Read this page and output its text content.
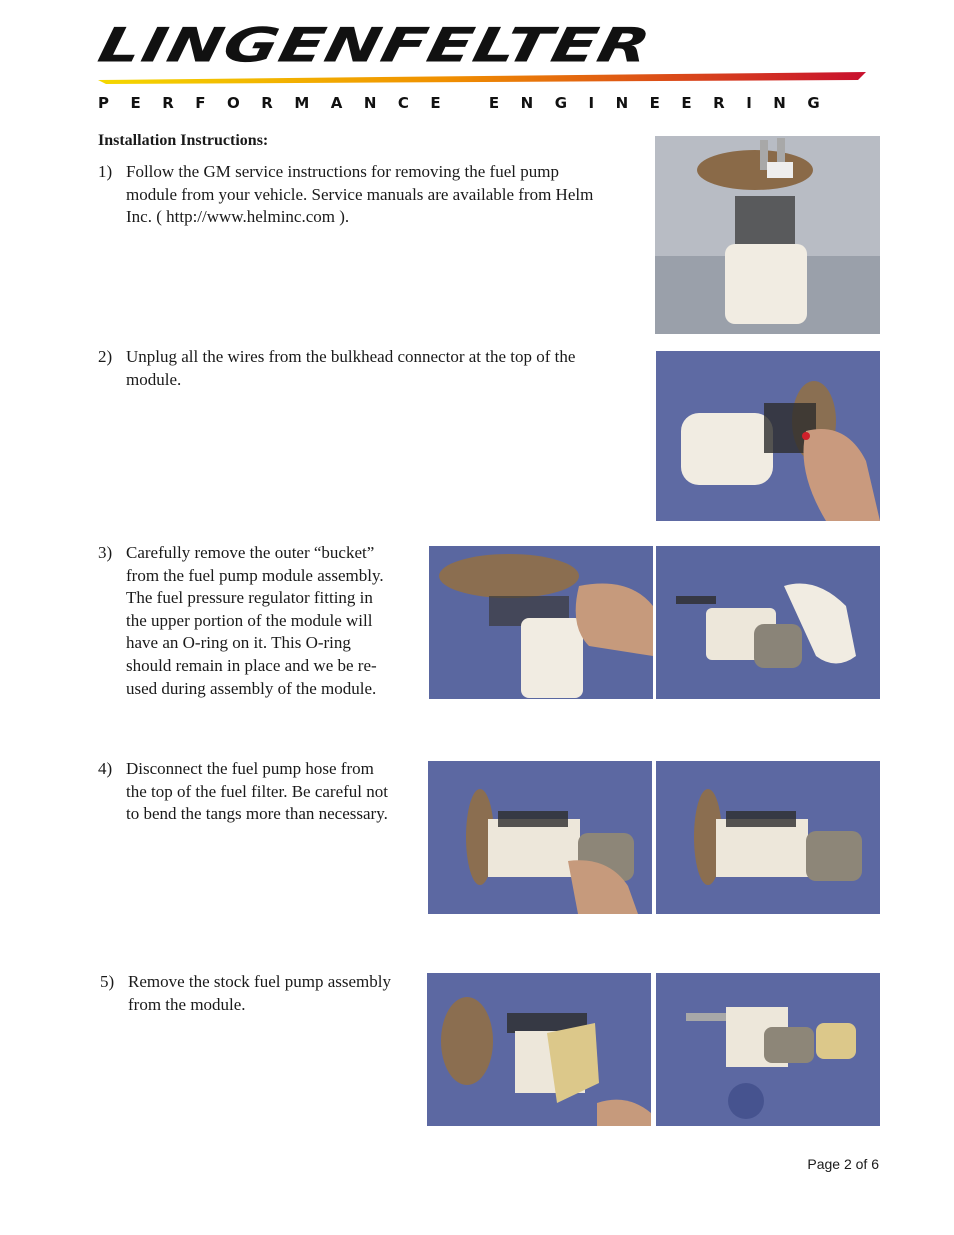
LINGENFELTER
PERFORMANCE ENGINEERING
Installation Instructions:
1) Follow the GM service instructions for removing the fuel pump
module from your vehicle. Service manuals are available from Helm
Inc. ( http://www.helminc.com ).
2) Unplug all the wires from the bulkhead connector at the top of the
module.
3) Carefully remove the outer “bucket”
from the fuel pump module assembly.
The fuel pressure regulator fitting in
the upper portion of the module will
have an O-ring on it. This O-ring
should remain in place and we be re-
used during assembly of the module.
4) Disconnect the fuel pump hose from
the top of the fuel filter. Be careful not
to bend the tangs more than necessary.
5) Remove the stock fuel pump assembly
from the module.
Page 2 of 6
